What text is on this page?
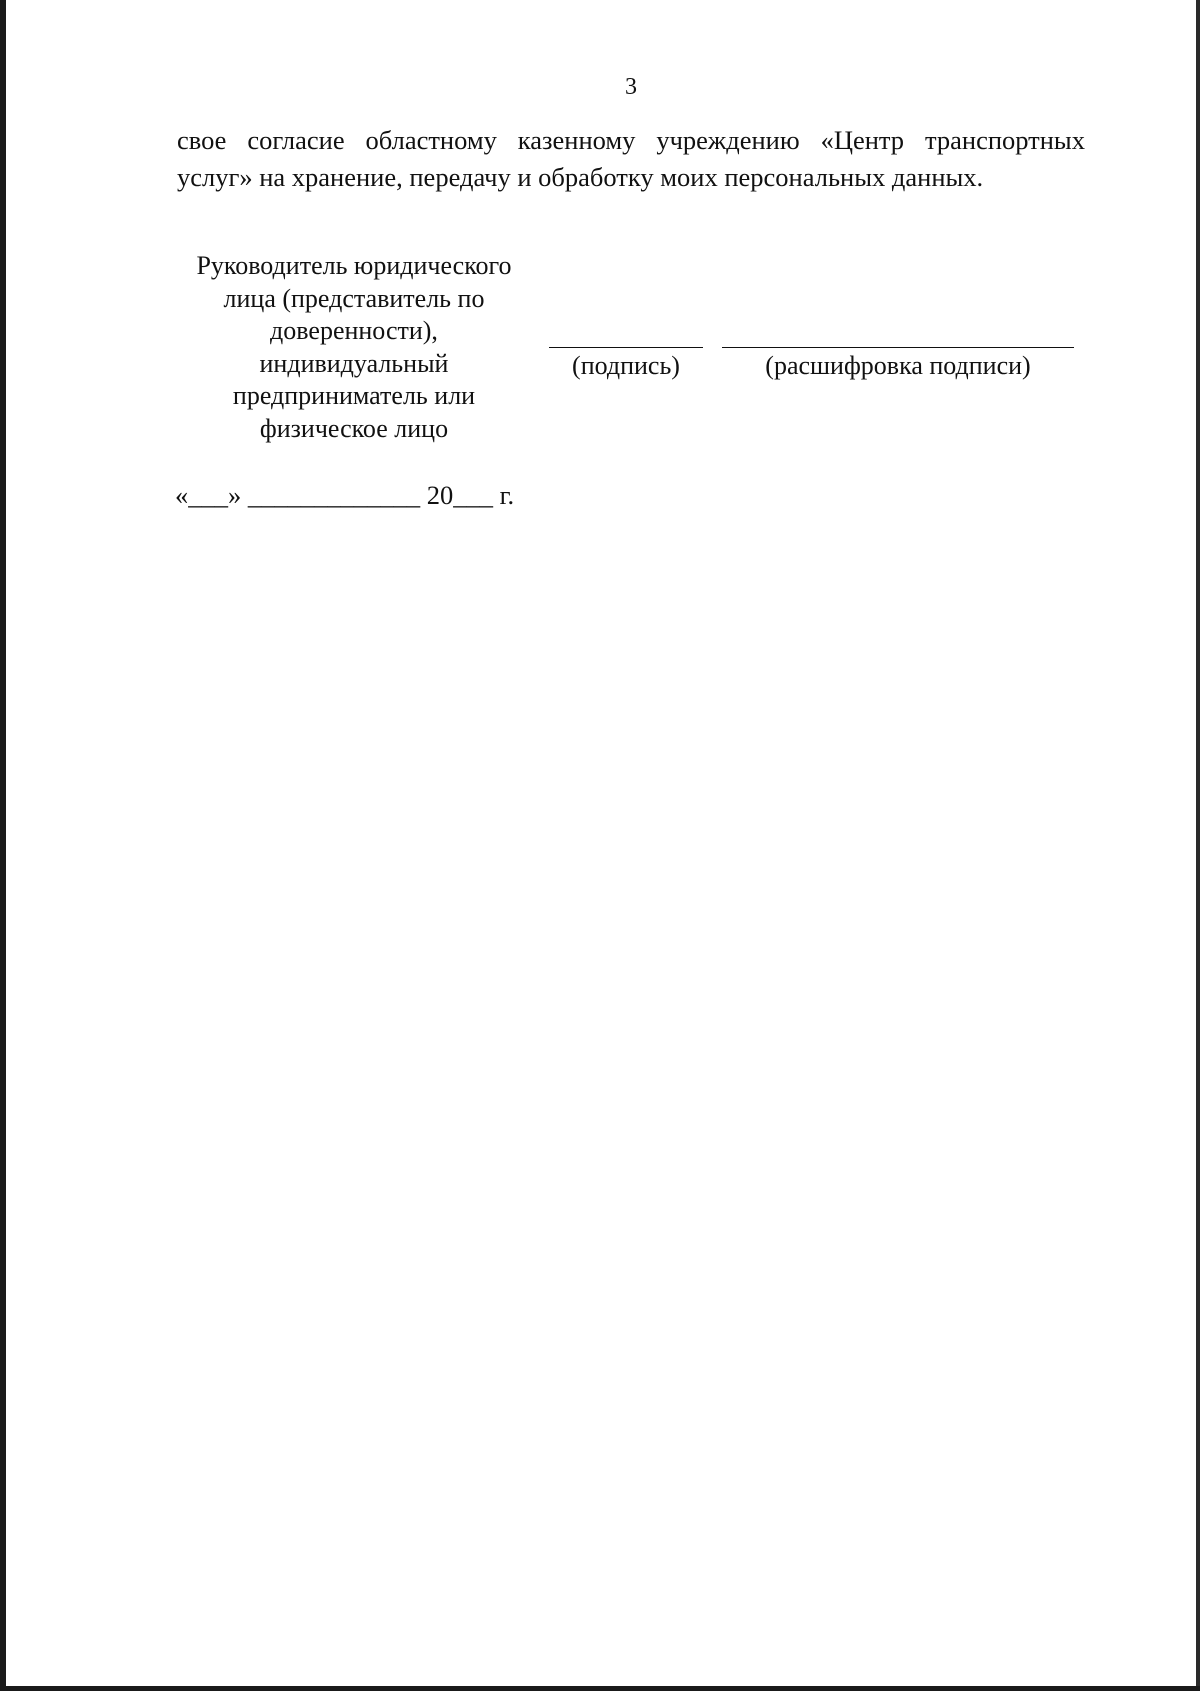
3
свое согласие областному казенному учреждению «Центр транспортных
услуг» на хранение, передачу и обработку моих персональных данных.
Руководитель юридического
лица (представитель по
доверенности),
индивидуальный
предприниматель или
физическое лицо
(подпись)	(расшифровка подписи)
«___» _____________ 20___ г.
